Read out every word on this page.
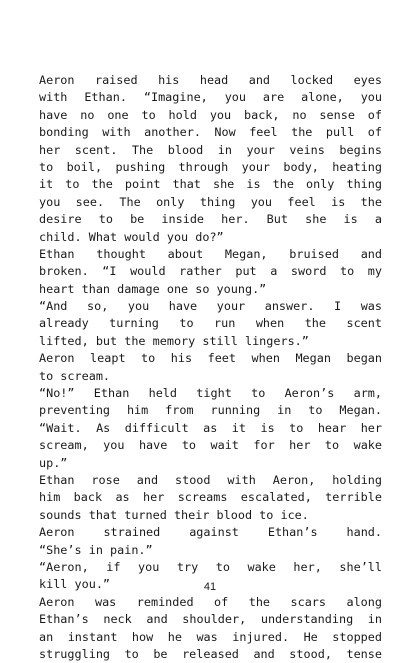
Aeron raised his head and locked eyes
with Ethan. “Imagine, you are alone, you
have no one to hold you back, no sense of
bonding with another. Now feel the pull of
her scent. The blood in your veins begins
to boil, pushing through your body, heating
it to the point that she is the only thing
you see. The only thing you feel is the
desire to be inside her. But she is a
child. What would you do?”
Ethan thought about Megan, bruised and
broken. “I would rather put a sword to my
heart than damage one so young.”
“And so, you have your answer. I was
already turning to run when the scent
lifted, but the memory still lingers.”
Aeron leapt to his feet when Megan began
to scream.
“No!” Ethan held tight to Aeron’s arm,
preventing him from running in to Megan.
“Wait. As difficult as it is to hear her
scream, you have to wait for her to wake
up.”
Ethan rose and stood with Aeron, holding
him back as her screams escalated, terrible
sounds that turned their blood to ice.
Aeron strained against Ethan’s hand.
“She’s in pain.”
“Aeron, if you try to wake her, she’ll
kill you.”
Aeron was reminded of the scars along
Ethan’s neck and shoulder, understanding in
an instant how he was injured. He stopped
struggling to be released and stood, tense
41
